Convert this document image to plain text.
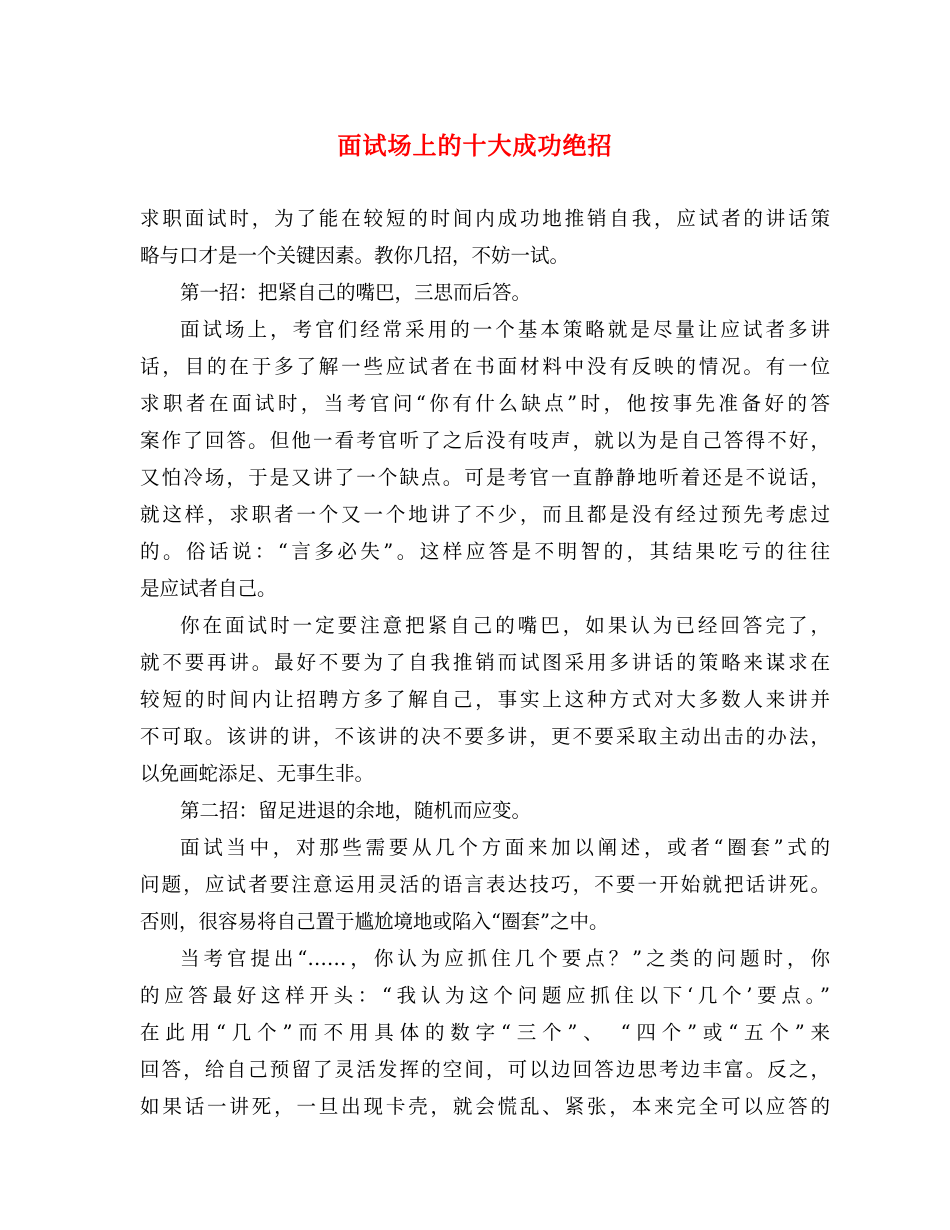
面试场上的十大成功绝招
求职面试时，为了能在较短的时间内成功地推销自我，应试者的讲话策
略与口才是一个关键因素。教你几招，不妨一试。
第一招：把紧自己的嘴巴，三思而后答。
面试场上，考官们经常采用的一个基本策略就是尽量让应试者多讲
话，目的在于多了解一些应试者在书面材料中没有反映的情况。有一位
求职者在面试时，当考官问“你有什么缺点”时，他按事先准备好的答
案作了回答。但他一看考官听了之后没有吱声，就以为是自己答得不好，
又怕冷场，于是又讲了一个缺点。可是考官一直静静地听着还是不说话，
就这样，求职者一个又一个地讲了不少，而且都是没有经过预先考虑过
的。俗话说：“言多必失”。这样应答是不明智的，其结果吃亏的往往
是应试者自己。
你在面试时一定要注意把紧自己的嘴巴，如果认为已经回答完了，
就不要再讲。最好不要为了自我推销而试图采用多讲话的策略来谋求在
较短的时间内让招聘方多了解自己，事实上这种方式对大多数人来讲并
不可取。该讲的讲，不该讲的决不要多讲，更不要采取主动出击的办法，
以免画蛇添足、无事生非。
第二招：留足进退的余地，随机而应变。
面试当中，对那些需要从几个方面来加以阐述，或者“圈套”式的
问题，应试者要注意运用灵活的语言表达技巧，不要一开始就把话讲死。
否则，很容易将自己置于尴尬境地或陷入“圈套”之中。
当考官提出“……，你认为应抓住几个要点？”之类的问题时，你
的应答最好这样开头：“我认为这个问题应抓住以下‘几个’要点。”
在此用“几个”而不用具体的数字“三个”、 “四个”或“五个”来
回答，给自己预留了灵活发挥的空间，可以边回答边思考边丰富。反之，
如果话一讲死，一旦出现卡壳，就会慌乱、紧张，本来完全可以应答的
